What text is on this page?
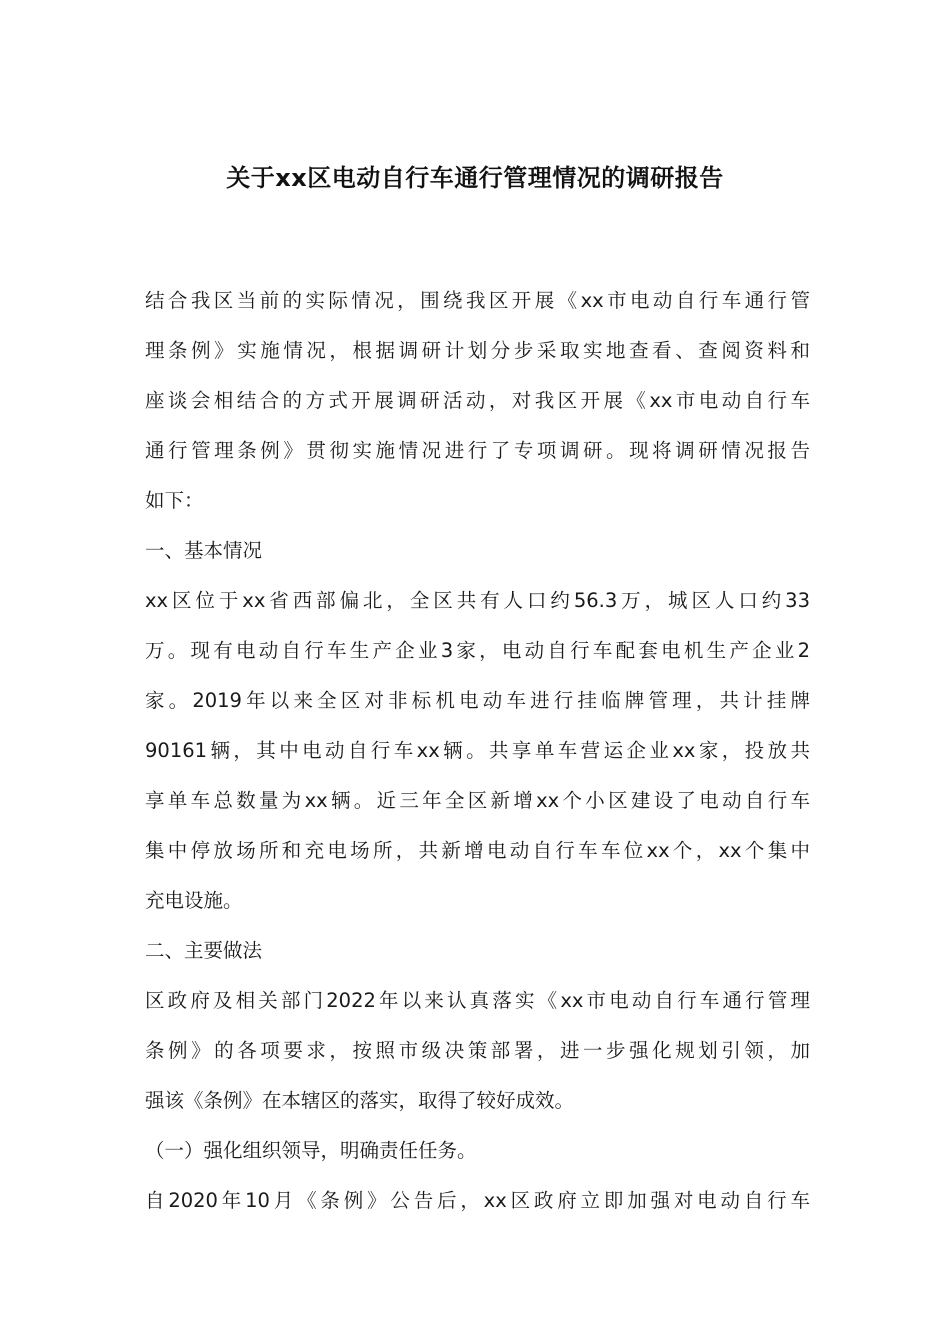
关于xx区电动自行车通行管理情况的调研报告
结合我区当前的实际情况，围绕我区开展《xx市电动自行车通行管
理条例》实施情况，根据调研计划分步采取实地查看、查阅资料和
座谈会相结合的方式开展调研活动，对我区开展《xx市电动自行车
通行管理条例》贯彻实施情况进行了专项调研。现将调研情况报告
如下：
一、基本情况
xx区位于xx省西部偏北，全区共有人口约56.3万，城区人口约33
万。现有电动自行车生产企业3家，电动自行车配套电机生产企业2
家。2019年以来全区对非标机电动车进行挂临牌管理，共计挂牌
90161辆，其中电动自行车xx辆。共享单车营运企业xx家，投放共
享单车总数量为xx辆。近三年全区新增xx个小区建设了电动自行车
集中停放场所和充电场所，共新增电动自行车车位xx个，xx个集中
充电设施。
二、主要做法
区政府及相关部门2022年以来认真落实《xx市电动自行车通行管理
条例》的各项要求，按照市级决策部署，进一步强化规划引领，加
强该《条例》在本辖区的落实，取得了较好成效。
（一）强化组织领导，明确责任任务。
自2020年10月《条例》公告后，xx区政府立即加强对电动自行车
